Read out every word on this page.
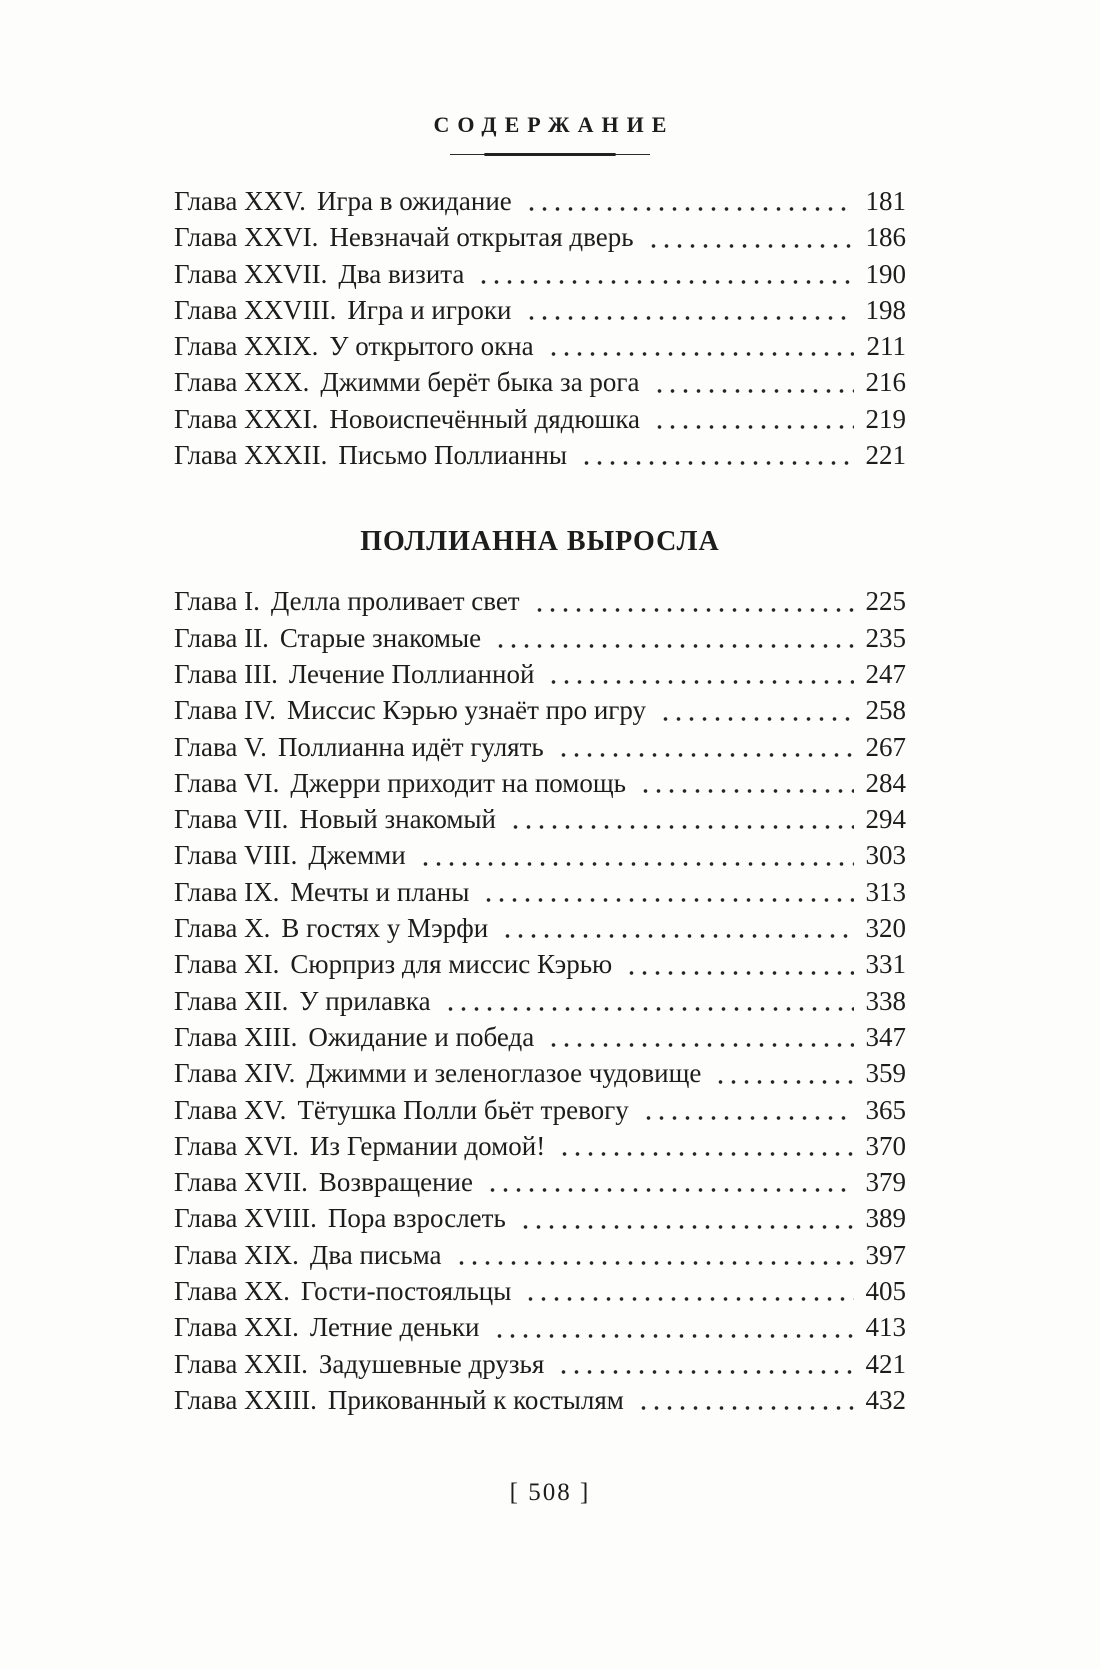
СОДЕРЖАНИЕ
Глава XXV. Игра в ожидание	181
Глава XXVI. Невзначай открытая дверь	186
Глава XXVII. Два визита	190
Глава XXVIII. Игра и игроки	198
Глава XXIX. У открытого окна	211
Глава XXX. Джимми берёт быка за рога	216
Глава XXXI. Новоиспечённый дядюшка	219
Глава XXXII. Письмо Поллианны	221
ПОЛЛИАННА ВЫРОСЛА
Глава I. Делла проливает свет	225
Глава II. Старые знакомые	235
Глава III. Лечение Поллианной	247
Глава IV. Миссис Кэрью узнаёт про игру	258
Глава V. Поллианна идёт гулять	267
Глава VI. Джерри приходит на помощь	284
Глава VII. Новый знакомый	294
Глава VIII. Джемми	303
Глава IX. Мечты и планы	313
Глава X. В гостях у Мэрфи	320
Глава XI. Сюрприз для миссис Кэрью	331
Глава XII. У прилавка	338
Глава XIII. Ожидание и победа	347
Глава XIV. Джимми и зеленоглазое чудовище	359
Глава XV. Тётушка Полли бьёт тревогу	365
Глава XVI. Из Германии домой!	370
Глава XVII. Возвращение	379
Глава XVIII. Пора взрослеть	389
Глава XIX. Два письма	397
Глава XX. Гости-постояльцы	405
Глава XXI. Летние деньки	413
Глава XXII. Задушевные друзья	421
Глава XXIII. Прикованный к костылям	432
[ 508 ]
